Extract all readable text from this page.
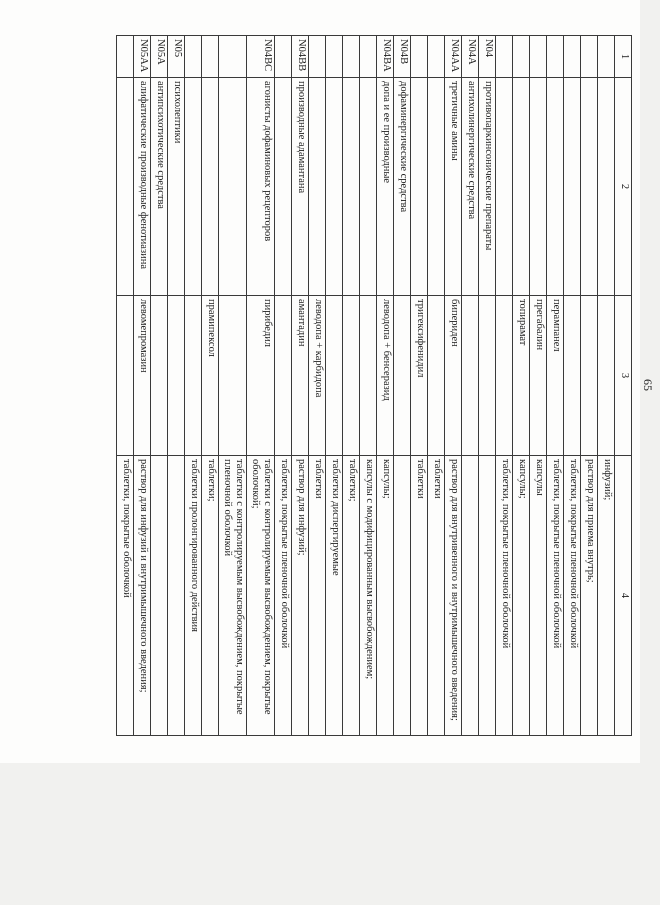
65
1	2	3	4
			инфузий;
			раствор для приема внутрь;
			таблетки, покрытые пленочной оболочкой
		перампанел	таблетки, покрытые пленочной оболочкой
		прегабалин	капсулы
		топирамат	капсулы;
			таблетки, покрытые пленочной оболочкой
N04	противопаркинсонические препараты		
N04A	антихолинергические средства		
N04AA	третичные амины	бипериден	раствор для внутривенного и внутримышечного введения;
			таблетки
		тригексифенидил	таблетки
N04B	дофаминергические средства		
N04BA	допа и ее производные	леводопа + бенсеразид	капсулы;
			капсулы с модифицированным высвобождением;
			таблетки;
			таблетки диспергируемые
		леводопа + карбидопа	таблетки
N04BB	производные адамантана	амантадин	раствор для инфузий;
			таблетки, покрытые пленочной оболочкой
N04BC	агонисты дофаминовых рецепторов	пирибедил	таблетки с контролируемым высвобождением, покрытые оболочкой;
			таблетки с контролируемым высвобождением, покрытые пленочной оболочкой
		прамипексол	таблетки;
			таблетки пролонгированного действия
N05	психолептики		
N05A	антипсихотические средства		
N05AA	алифатические производные фенотиазина	левомепромазин	раствор для инфузий и внутримышечного введения;
			таблетки, покрытые оболочкой
